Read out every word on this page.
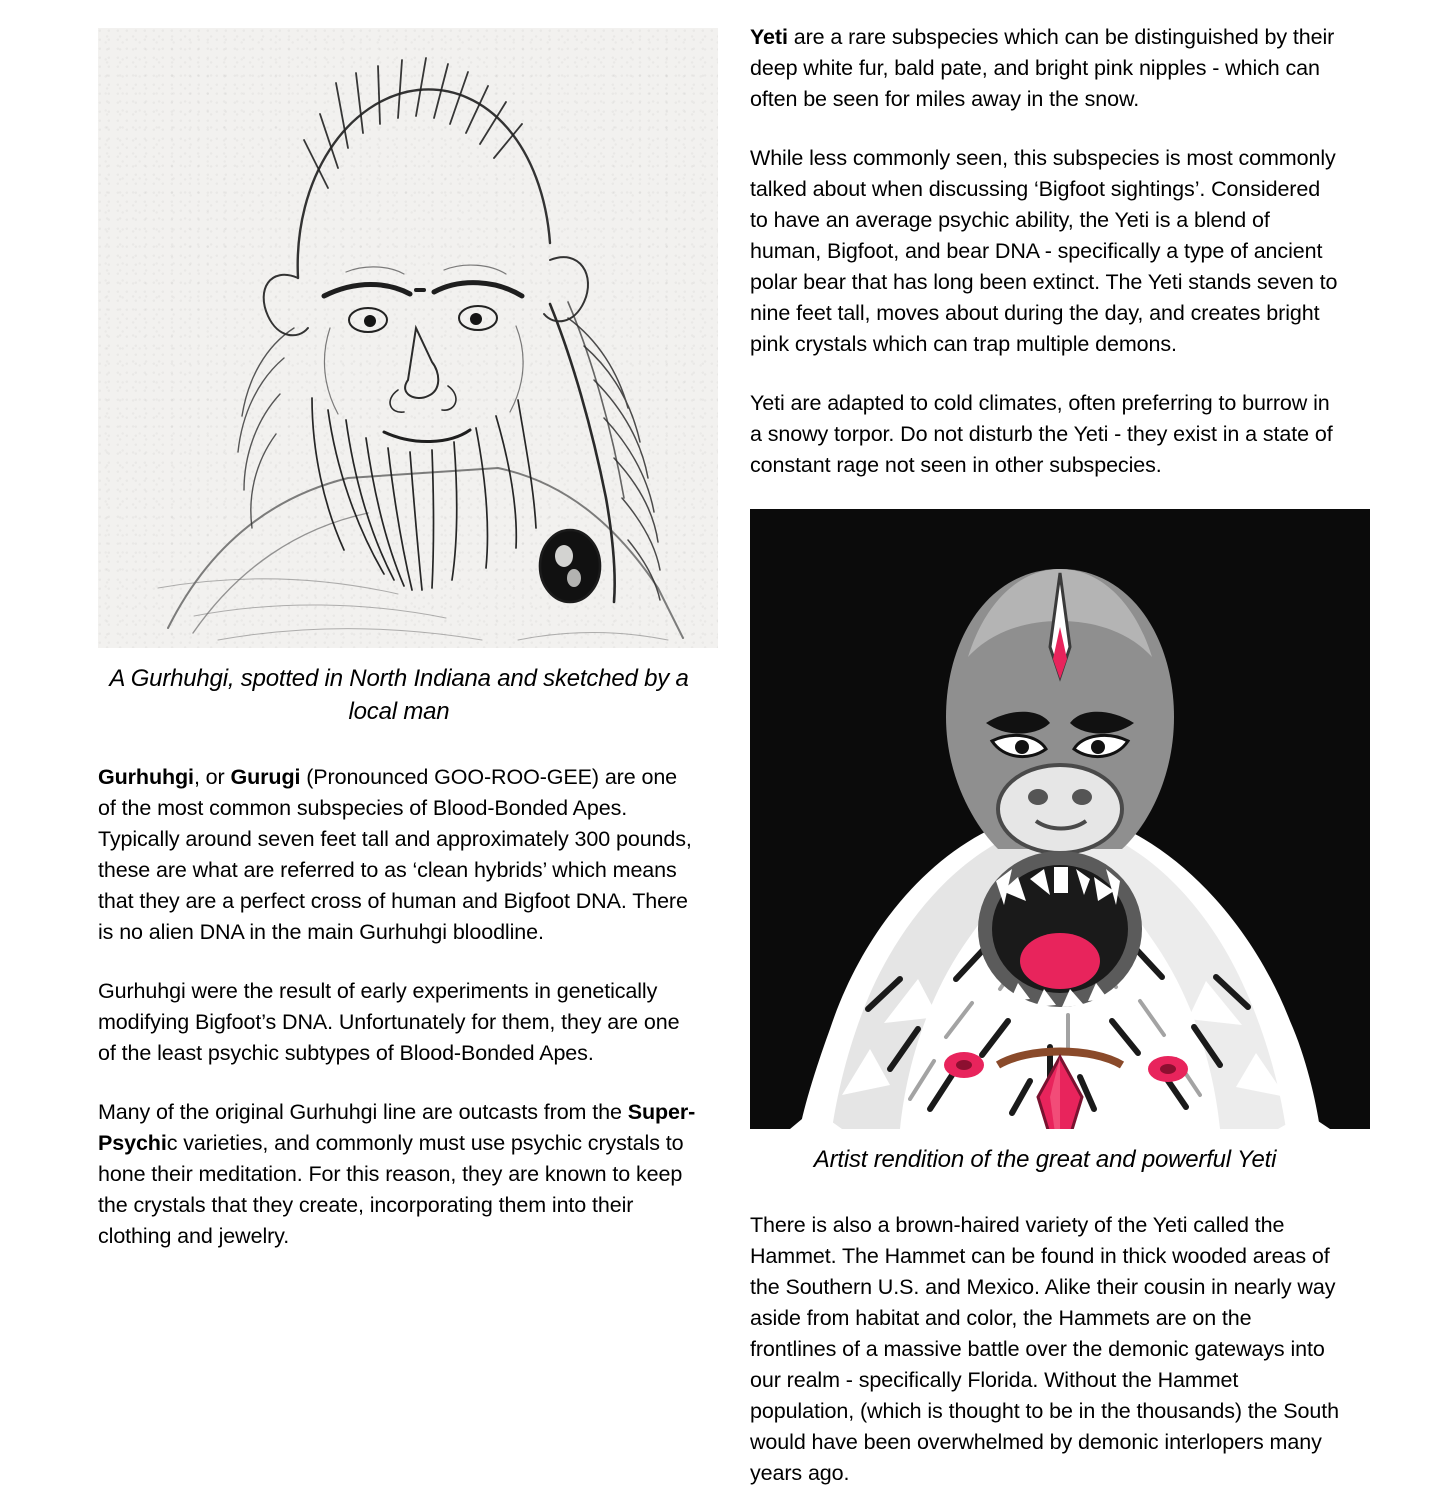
A Gurhuhgi, spotted in North Indiana and sketched by a local man

Gurhuhgi, or Gurugi (Pronounced GOO-ROO-GEE) are one of the most common subspecies of Blood-Bonded Apes. Typically around seven feet tall and approximately 300 pounds, these are what are referred to as ‘clean hybrids’ which means that they are a perfect cross of human and Bigfoot DNA. There is no alien DNA in the main Gurhuhgi bloodline.

Gurhuhgi were the result of early experiments in genetically modifying Bigfoot’s DNA. Unfortunately for them, they are one of the least psychic subtypes of Blood-Bonded Apes.

Many of the original Gurhuhgi line are outcasts from the Super-Psychic varieties, and commonly must use psychic crystals to hone their meditation. For this reason, they are known to keep the crystals that they create, incorporating them into their clothing and jewelry.

Yeti are a rare subspecies which can be distinguished by their deep white fur, bald pate, and bright pink nipples - which can often be seen for miles away in the snow.

While less commonly seen, this subspecies is most commonly talked about when discussing ‘Bigfoot sightings’. Considered to have an average psychic ability, the Yeti is a blend of human, Bigfoot, and bear DNA - specifically a type of ancient polar bear that has long been extinct. The Yeti stands seven to nine feet tall, moves about during the day, and creates bright pink crystals which can trap multiple demons.

Yeti are adapted to cold climates, often preferring to burrow in a snowy torpor. Do not disturb the Yeti - they exist in a state of constant rage not seen in other subspecies.

Artist rendition of the great and powerful Yeti

There is also a brown-haired variety of the Yeti called the Hammet. The Hammet can be found in thick wooded areas of the Southern U.S. and Mexico. Alike their cousin in nearly way aside from habitat and color, the Hammets are on the frontlines of a massive battle over the demonic gateways into our realm - specifically Florida. Without the Hammet population, (which is thought to be in the thousands) the South would have been overwhelmed by demonic interlopers many years ago.
